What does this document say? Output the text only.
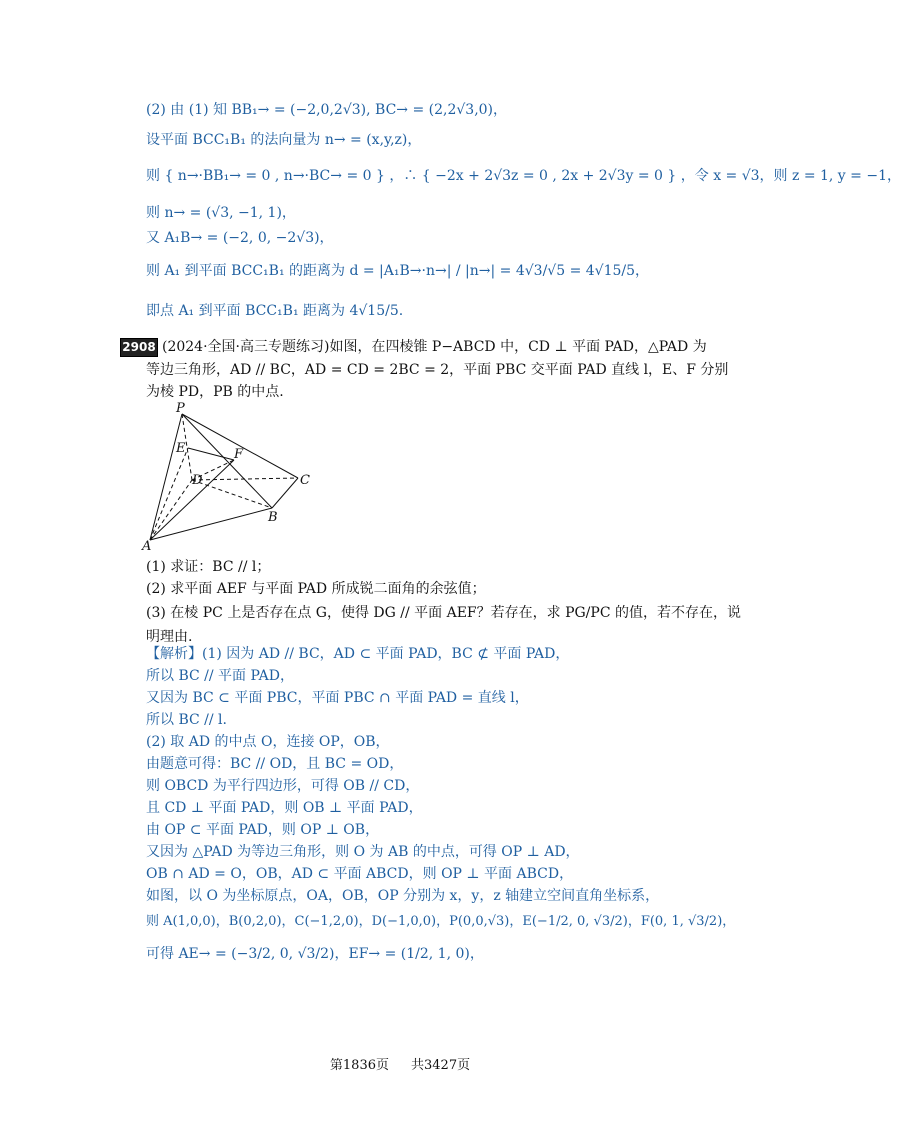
(2) 由 (1) 知 BB₁→ = (−2,0,2√3), BC→ = (2,2√3,0)，
设平面 BCC₁B₁ 的法向量为 n→ = (x,y,z)，
则 { n→·BB₁→ = 0 , n→·BC→ = 0 } ，∴ { −2x + 2√3z = 0 , 2x + 2√3y = 0 } ，令 x = √3，则 z = 1, y = −1，
则 n→ = (√3, −1, 1)，
又 A₁B→ = (−2, 0, −2√3)，
则 A₁ 到平面 BCC₁B₁ 的距离为 d = |A₁B→·n→| / |n→| = 4√3/√5 = 4√15/5，
即点 A₁ 到平面 BCC₁B₁ 距离为 4√15/5.
2908 (2024·全国·高三专题练习)如图，在四棱锥 P−ABCD 中，CD ⊥ 平面 PAD，△PAD 为
等边三角形，AD // BC，AD = CD = 2BC = 2，平面 PBC 交平面 PAD 直线 l，E、F 分别
为棱 PD，PB 的中点.
P
E	F
D	C
B
A
(1) 求证：BC // l；
(2) 求平面 AEF 与平面 PAD 所成锐二面角的余弦值；
(3) 在棱 PC 上是否存在点 G，使得 DG // 平面 AEF？若存在，求 PG/PC 的值，若不存在，说
明理由.
【解析】(1) 因为 AD // BC，AD ⊂ 平面 PAD，BC ⊄ 平面 PAD，
所以 BC // 平面 PAD，
又因为 BC ⊂ 平面 PBC，平面 PBC ∩ 平面 PAD = 直线 l，
所以 BC // l.
(2) 取 AD 的中点 O，连接 OP，OB，
由题意可得：BC // OD，且 BC = OD，
则 OBCD 为平行四边形，可得 OB // CD，
且 CD ⊥ 平面 PAD，则 OB ⊥ 平面 PAD，
由 OP ⊂ 平面 PAD，则 OP ⊥ OB，
又因为 △PAD 为等边三角形，则 O 为 AB 的中点，可得 OP ⊥ AD，
OB ∩ AD = O，OB，AD ⊂ 平面 ABCD，则 OP ⊥ 平面 ABCD，
如图，以 O 为坐标原点，OA，OB，OP 分别为 x，y，z 轴建立空间直角坐标系，
则 A(1,0,0)，B(0,2,0)，C(−1,2,0)，D(−1,0,0)，P(0,0,√3)，E(−1/2, 0, √3/2)，F(0, 1, √3/2)，
可得 AE→ = (−3/2, 0, √3/2)，EF→ = (1/2, 1, 0)，
第1836页 共3427页
